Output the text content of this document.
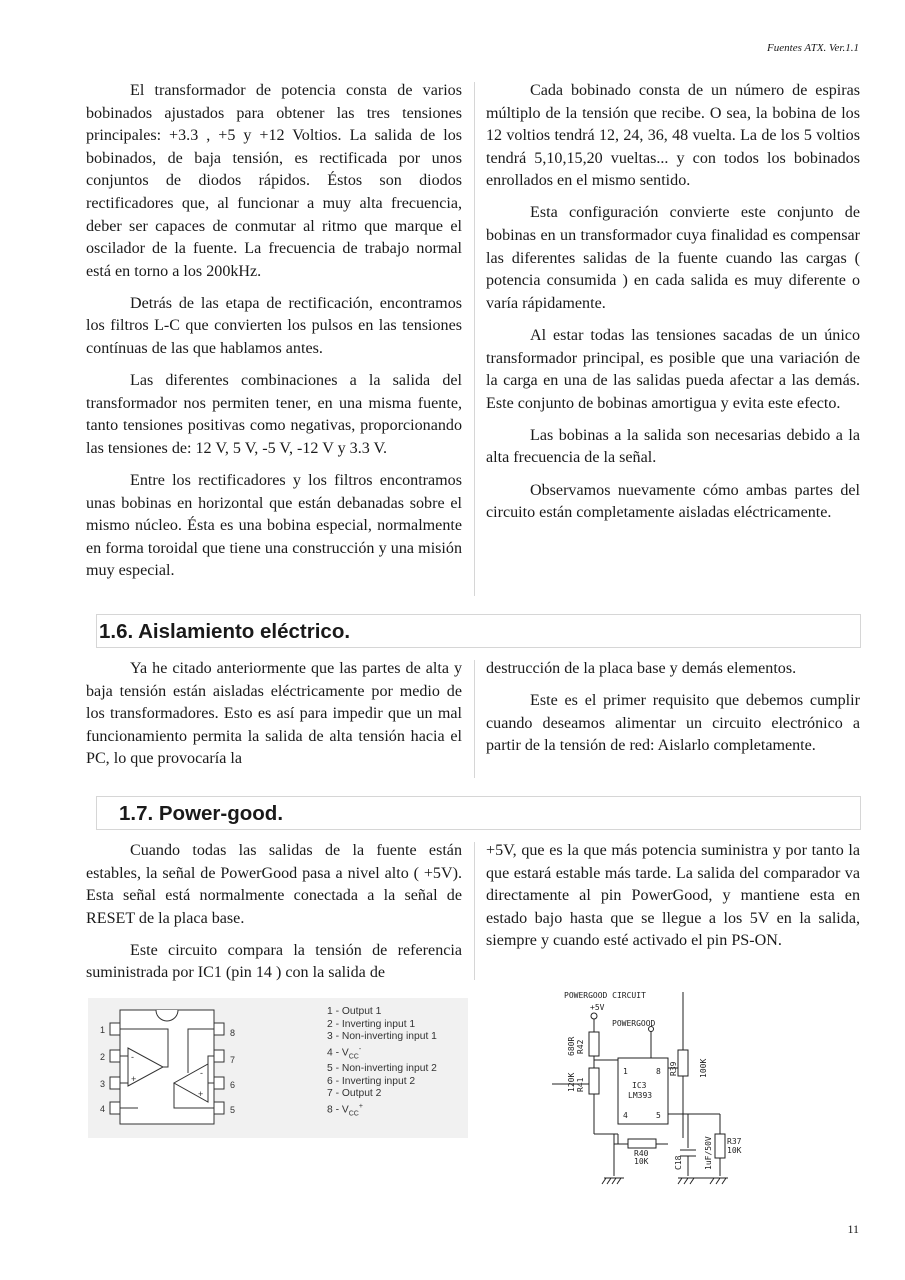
Fuentes ATX. Ver.1.1

El transformador de potencia consta de varios bobinados ajustados para obtener las tres tensiones principales: +3.3 , +5 y +12 Voltios. La salida de los bobinados, de baja tensión, es rectificada por unos conjuntos de diodos rápidos. Éstos son diodos rectificadores que, al funcionar a muy alta frecuencia, deber ser capaces de conmutar al ritmo que marque el oscilador de la fuente. La frecuencia de trabajo normal está en torno a los 200kHz.

Detrás de las etapa de rectificación, encontramos los filtros L-C que convierten los pulsos en las tensiones contínuas de las que hablamos antes.

Las diferentes combinaciones a la salida del transformador nos permiten tener, en una misma fuente, tanto tensiones positivas como negativas, proporcionando las tensiones de: 12 V, 5 V, -5 V, -12 V y 3.3 V.

Entre los rectificadores y los filtros encontramos unas bobinas en horizontal que están debanadas sobre el mismo núcleo. Ésta es una bobina especial, normalmente en forma toroidal que tiene una construcción y una misión muy especial.

Cada bobinado consta de un número de espiras múltiplo de la tensión que recibe. O sea, la bobina de los 12 voltios tendrá 12, 24, 36, 48 vuelta. La de los 5 voltios tendrá 5,10,15,20 vueltas... y con todos los bobinados enrollados en el mismo sentido.

Esta configuración convierte este conjunto de bobinas en un transformador cuya finalidad es compensar las diferentes salidas de la fuente cuando las cargas ( potencia consumida ) en cada salida es muy diferente o varía rápidamente.

Al estar todas las tensiones sacadas de un único transformador principal, es posible que una variación de la carga en una de las salidas pueda afectar a las demás. Este conjunto de bobinas amortigua y evita este efecto.

Las bobinas a la salida son necesarias debido a la alta frecuencia de la señal.

Observamos nuevamente cómo ambas partes del circuito están completamente aisladas eléctricamente.

1.6. Aislamiento eléctrico.

Ya he citado anteriormente que las partes de alta y baja tensión están aisladas eléctricamente por medio de los transformadores. Esto es así para impedir que un mal funcionamiento permita la salida de alta tensión hacia el PC, lo que provocaría la

destrucción de la placa base y demás elementos.

Este es el primer requisito que debemos cumplir cuando deseamos alimentar un circuito electrónico a partir de la tensión de red: Aislarlo completamente.

1.7. Power-good.

Cuando todas las salidas de la fuente están estables, la señal de PowerGood pasa a nivel alto ( +5V). Esta señal está normalmente conectada a la señal de RESET de la placa base.

Este circuito compara la tensión de referencia suministrada por IC1 (pin 14 ) con la salida de

+5V, que es la que más potencia suministra y por tanto la que estará estable más tarde. La salida del comparador va directamente al pin PowerGood, y mantiene esta en estado bajo hasta que se llegue a los 5V en la salida, siempre y cuando esté activado el pin PS-ON.

1
2
3
4
8
7
6
5
-
+
-
+
1 - Output 1
2 - Inverting input 1
3 - Non-inverting input 1
$4 - V_{CC}^-$
5 - Non-inverting input 2
6 - Inverting input 2
7 - Output 2
$8 - V_{CC}^+$
POWERGOOD CIRCUIT
+5V
POWERGOOD
R42
680R
R41
120K
1	8
IC3
LM393
4	5
R39	100K
R40
10K	C18	1uF/50V R37
10K
11
